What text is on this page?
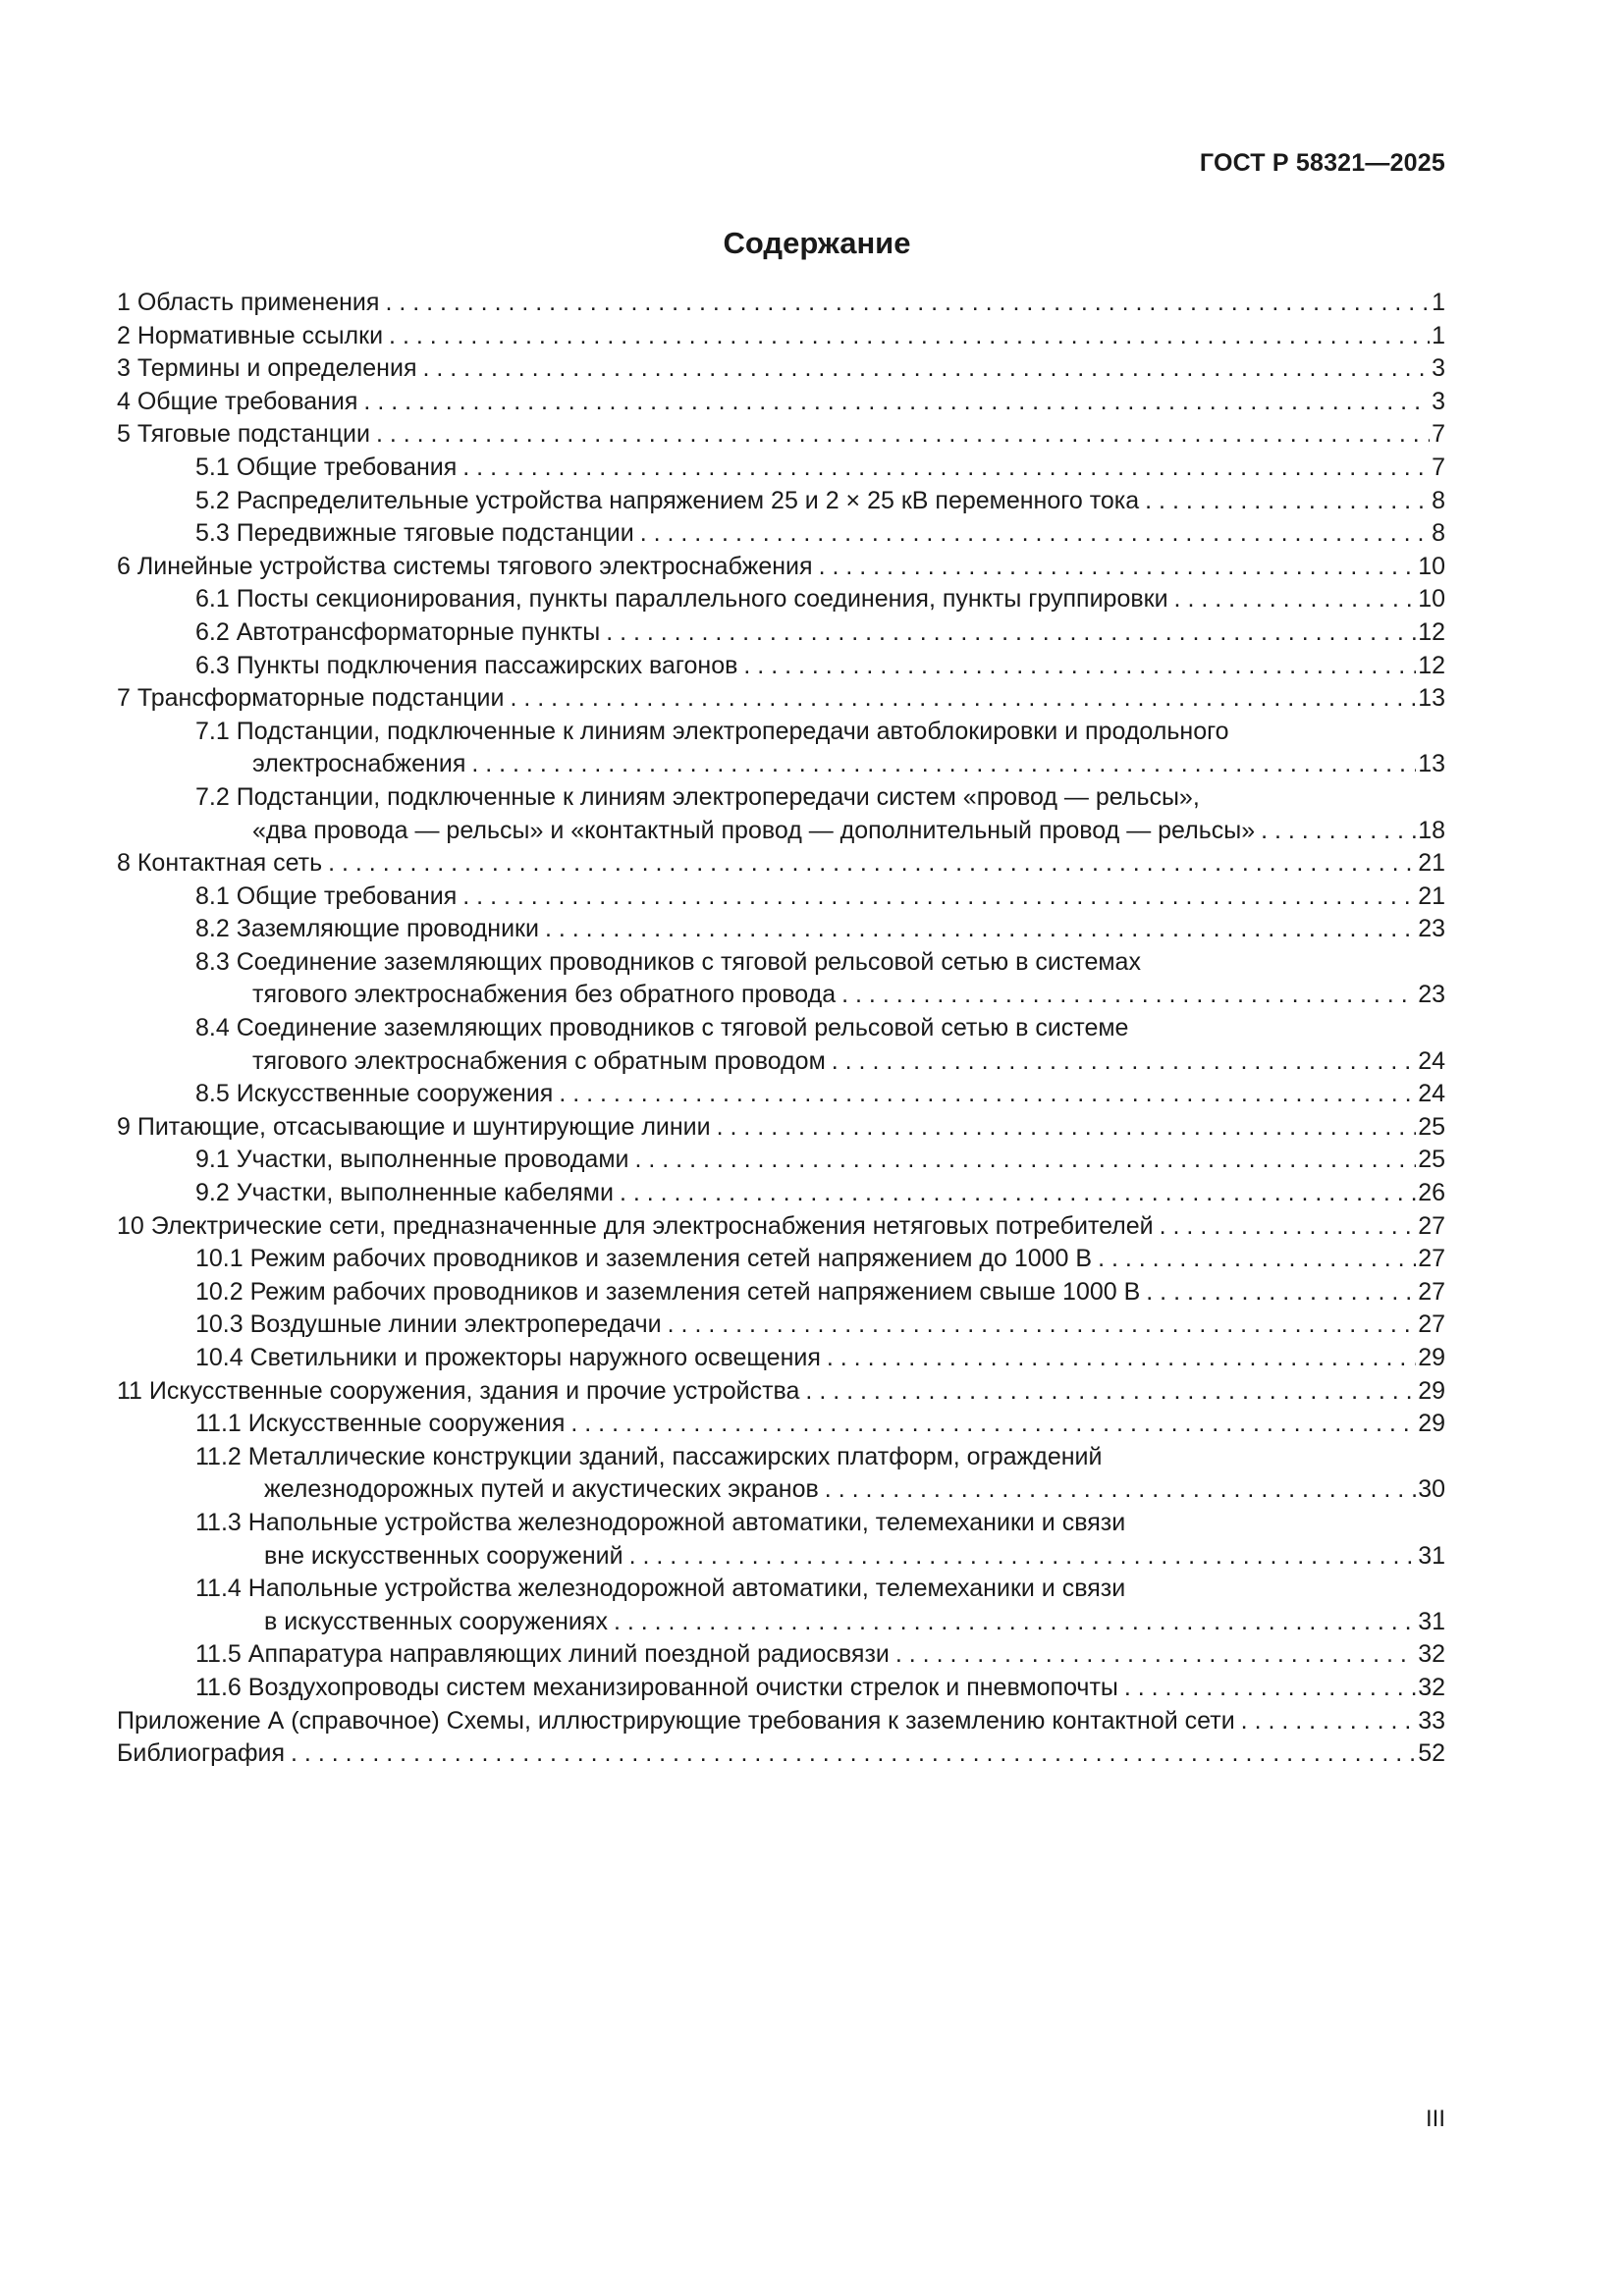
ГОСТ Р 58321—2025
Содержание
1 Область применения . . .	1
2 Нормативные ссылки . . .	1
3 Термины и определения . . .	3
4 Общие требования . . .	3
5 Тяговые подстанции . . .	7
5.1 Общие требования . . .	7
5.2 Распределительные устройства напряжением 25 и 2 × 25 кВ переменного тока . . .	8
5.3 Передвижные тяговые подстанции . . .	8
6 Линейные устройства системы тягового электроснабжения . . .	10
6.1 Посты секционирования, пункты параллельного соединения, пункты группировки . . .	10
6.2 Автотрансформаторные пункты . . .	12
6.3 Пункты подключения пассажирских вагонов . . .	12
7 Трансформаторные подстанции . . .	13
7.1 Подстанции, подключенные к линиям электропередачи автоблокировки и продольного
электроснабжения . . .	13
7.2 Подстанции, подключенные к линиям электропередачи систем «провод — рельсы»,
«два провода — рельсы» и «контактный провод — дополнительный провод — рельсы» . . .	18
8 Контактная сеть . . .	21
8.1 Общие требования . . .	21
8.2 Заземляющие проводники . . .	23
8.3 Соединение заземляющих проводников с тяговой рельсовой сетью в системах
тягового электроснабжения без обратного провода . . .	23
8.4 Соединение заземляющих проводников с тяговой рельсовой сетью в системе
тягового электроснабжения с обратным проводом . . .	24
8.5 Искусственные сооружения . . .	24
9 Питающие, отсасывающие и шунтирующие линии . . .	25
9.1 Участки, выполненные проводами . . .	25
9.2 Участки, выполненные кабелями . . .	26
10 Электрические сети, предназначенные для электроснабжения нетяговых потребителей . . .	27
10.1 Режим рабочих проводников и заземления сетей напряжением до 1000 В . . .	27
10.2 Режим рабочих проводников и заземления сетей напряжением свыше 1000 В . . .	27
10.3 Воздушные линии электропередачи . . .	27
10.4 Светильники и прожекторы наружного освещения . . .	29
11 Искусственные сооружения, здания и прочие устройства . . .	29
11.1 Искусственные сооружения . . .	29
11.2 Металлические конструкции зданий, пассажирских платформ, ограждений
железнодорожных путей и акустических экранов . . .	30
11.3 Напольные устройства железнодорожной автоматики, телемеханики и связи
вне искусственных сооружений . . .	31
11.4 Напольные устройства железнодорожной автоматики, телемеханики и связи
в искусственных сооружениях . . .	31
11.5 Аппаратура направляющих линий поездной радиосвязи . . .	32
11.6 Воздухопроводы систем механизированной очистки стрелок и пневмопочты . . .	32
Приложение А (справочное) Схемы, иллюстрирующие требования к заземлению контактной сети . . .	33
Библиография . . .	52
III
